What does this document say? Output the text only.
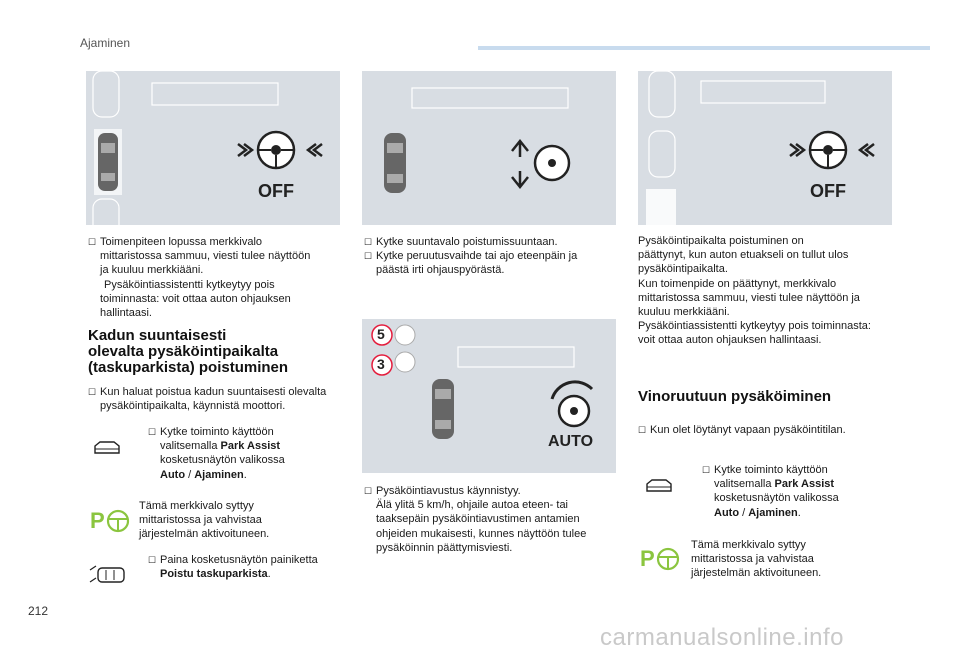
Ajaminen
OFF
5
3
AUTO
OFF
☐ Toimenpiteen lopussa merkkivalo
mittaristossa sammuu, viesti tulee näyttöön
ja kuuluu merkkiääni.
Pysäköintiassistentti kytkeytyy pois
toiminnasta: voit ottaa auton ohjauksen
hallintaasi.
Kadun suuntaisesti
olevalta pysäköintipaikalta
(taskuparkista) poistuminen
☐ Kun haluat poistua kadun suuntaisesti olevalta
pysäköintipaikalta, käynnistä moottori.
☐ Kytke toiminto käyttöön
valitsemalla Park Assist
kosketusnäytön valikossa
Auto / Ajaminen.
P
Tämä merkkivalo syttyy
mittaristossa ja vahvistaa
järjestelmän aktivoituneen.
☐ Paina kosketusnäytön painiketta
Poistu taskuparkista.
☐ Kytke suuntavalo poistumissuuntaan.
☐ Kytke peruutusvaihde tai ajo eteenpäin ja
päästä irti ohjauspyörästä.
☐ Pysäköintiavustus käynnistyy.
Älä ylitä 5 km/h, ohjaile autoa eteen- tai
taaksepäin pysäköintiavustimen antamien
ohjeiden mukaisesti, kunnes näyttöön tulee
pysäköinnin päättymisviesti.
Pysäköintipaikalta poistuminen on
päättynyt, kun auton etuakseli on tullut ulos
pysäköintipaikalta.
Kun toimenpide on päättynyt, merkkivalo
mittaristossa sammuu, viesti tulee näyttöön ja
kuuluu merkkiääni.
Pysäköintiassistentti kytkeytyy pois toiminnasta:
voit ottaa auton ohjauksen hallintaasi.
Vinoruutuun pysäköiminen
☐ Kun olet löytänyt vapaan pysäköintitilan.
☐ Kytke toiminto käyttöön
valitsemalla Park Assist
kosketusnäytön valikossa
Auto / Ajaminen.
P
Tämä merkkivalo syttyy
mittaristossa ja vahvistaa
järjestelmän aktivoituneen.
212
carmanualsonline.info
